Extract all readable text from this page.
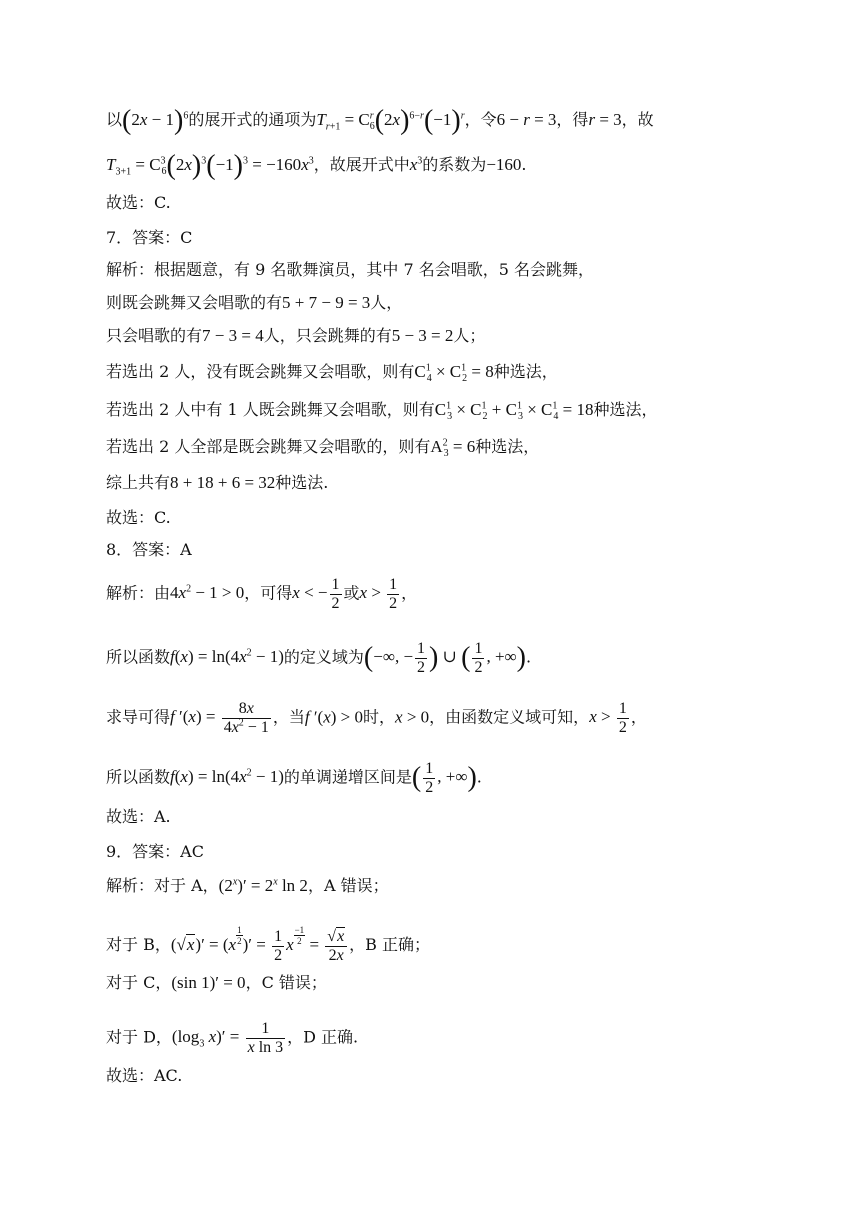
以$(2x - 1)^6$的展开式的通项为$T_{r+1} = C^r_6(2x)^{6-r}(-1)^r$，令6 − r = 3，得r = 3，故
$T_{3+1} = C^3_6(2x)^3(-1)^3 = -160x^3$，故展开式中$x^3$的系数为−160.
故选：C.
7．答案：C
解析：根据题意，有 9 名歌舞演员，其中 7 名会唱歌，5 名会跳舞，
则既会跳舞又会唱歌的有5 + 7 − 9 = 3人，
只会唱歌的有7 − 3 = 4人，只会跳舞的有5 − 3 = 2人；
若选出 2 人，没有既会跳舞又会唱歌，则有$C^1_4 \times C^1_2 = 8$种选法，
若选出 2 人中有 1 人既会跳舞又会唱歌，则有$C^1_3 \times C^1_2 + C^1_3 \times C^1_4 = 18$种选法，
若选出 2 人全部是既会跳舞又会唱歌的，则有$A^2_3 = 6$种选法，
综上共有8 + 18 + 6 = 32种选法.
故选：C.
8．答案：A
解析：由$4x^2 - 1 > 0$，可得x < − $\frac{1}{2}$ 或$x > \frac{1}{2}$ ，
所以函数$f(x) = \ln(4x^2 - 1)$的定义域为(−∞, − $\frac{1}{2}$ ) ∪ ( $\frac{1}{2}$ , +∞).
求导可得f $'(x) = \frac{8x}{4x^2 - 1}$ ，当f ′(x) > 0时，x > 0，由函数定义域可知，$x > \frac{1}{2}$ ，
所以函数$f(x) = \ln(4x^2 - 1)$的单调递增区间是( $\frac{1}{2}$ , +∞).
故选：A.
9．答案：AC
解析：对于 A，$(2^x)' = 2^x$ ln 2，A 错误；
对于 B，$(√x)' = (x \frac{1}{2}$ )′ = $\frac{1}{2}$ x $\frac{-1}{2} = \frac{√x}{2x}$ ，B 正确；
对于 C，(sin 1)′ = 0，C 错误；
对于 D，($\log_3$ $x)' = \frac{1}{\text{x ln 3}}$ ，D 正确.
故选：AC.
